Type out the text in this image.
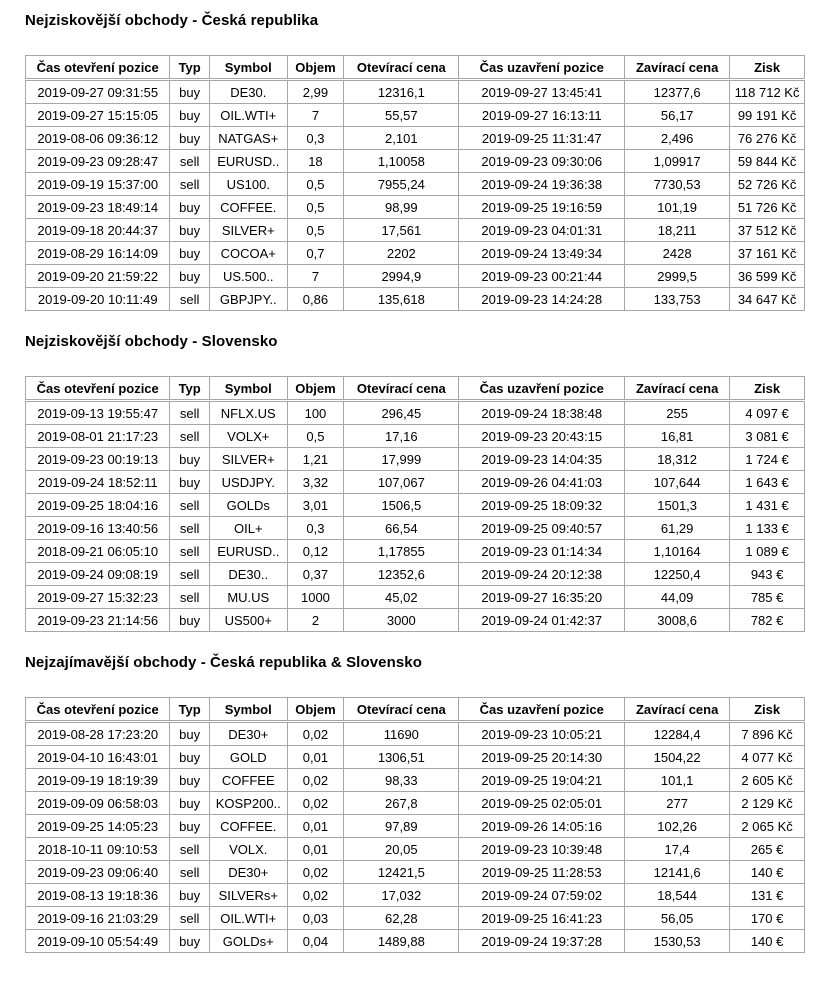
Nejziskovější obchody - Česká republika
Čas otevření pozice	Typ	Symbol	Objem	Otevírací cena	Čas uzavření pozice	Zavírací cena	Zisk
2019-09-27 09:31:55	buy	DE30.	2,99	12316,1	2019-09-27 13:45:41	12377,6	118 712 Kč
2019-09-27 15:15:05	buy	OIL.WTI+	7	55,57	2019-09-27 16:13:11	56,17	99 191 Kč
2019-08-06 09:36:12	buy	NATGAS+	0,3	2,101	2019-09-25 11:31:47	2,496	76 276 Kč
2019-09-23 09:28:47	sell	EURUSD..	18	1,10058	2019-09-23 09:30:06	1,09917	59 844 Kč
2019-09-19 15:37:00	sell	US100.	0,5	7955,24	2019-09-24 19:36:38	7730,53	52 726 Kč
2019-09-23 18:49:14	buy	COFFEE.	0,5	98,99	2019-09-25 19:16:59	101,19	51 726 Kč
2019-09-18 20:44:37	buy	SILVER+	0,5	17,561	2019-09-23 04:01:31	18,211	37 512 Kč
2019-08-29 16:14:09	buy	COCOA+	0,7	2202	2019-09-24 13:49:34	2428	37 161 Kč
2019-09-20 21:59:22	buy	US.500..	7	2994,9	2019-09-23 00:21:44	2999,5	36 599 Kč
2019-09-20 10:11:49	sell	GBPJPY..	0,86	135,618	2019-09-23 14:24:28	133,753	34 647 Kč
Nejziskovější obchody - Slovensko
Čas otevření pozice	Typ	Symbol	Objem	Otevírací cena	Čas uzavření pozice	Zavírací cena	Zisk
2019-09-13 19:55:47	sell	NFLX.US	100	296,45	2019-09-24 18:38:48	255	4 097 €
2019-08-01 21:17:23	sell	VOLX+	0,5	17,16	2019-09-23 20:43:15	16,81	3 081 €
2019-09-23 00:19:13	buy	SILVER+	1,21	17,999	2019-09-23 14:04:35	18,312	1 724 €
2019-09-24 18:52:11	buy	USDJPY.	3,32	107,067	2019-09-26 04:41:03	107,644	1 643 €
2019-09-25 18:04:16	sell	GOLDs	3,01	1506,5	2019-09-25 18:09:32	1501,3	1 431 €
2019-09-16 13:40:56	sell	OIL+	0,3	66,54	2019-09-25 09:40:57	61,29	1 133 €
2018-09-21 06:05:10	sell	EURUSD..	0,12	1,17855	2019-09-23 01:14:34	1,10164	1 089 €
2019-09-24 09:08:19	sell	DE30..	0,37	12352,6	2019-09-24 20:12:38	12250,4	943 €
2019-09-27 15:32:23	sell	MU.US	1000	45,02	2019-09-27 16:35:20	44,09	785 €
2019-09-23 21:14:56	buy	US500+	2	3000	2019-09-24 01:42:37	3008,6	782 €
Nejzajímavější obchody - Česká republika & Slovensko
Čas otevření pozice	Typ	Symbol	Objem	Otevírací cena	Čas uzavření pozice	Zavírací cena	Zisk
2019-08-28 17:23:20	buy	DE30+	0,02	11690	2019-09-23 10:05:21	12284,4	7 896 Kč
2019-04-10 16:43:01	buy	GOLD	0,01	1306,51	2019-09-25 20:14:30	1504,22	4 077 Kč
2019-09-19 18:19:39	buy	COFFEE	0,02	98,33	2019-09-25 19:04:21	101,1	2 605 Kč
2019-09-09 06:58:03	buy	KOSP200..	0,02	267,8	2019-09-25 02:05:01	277	2 129 Kč
2019-09-25 14:05:23	buy	COFFEE.	0,01	97,89	2019-09-26 14:05:16	102,26	2 065 Kč
2018-10-11 09:10:53	sell	VOLX.	0,01	20,05	2019-09-23 10:39:48	17,4	265 €
2019-09-23 09:06:40	sell	DE30+	0,02	12421,5	2019-09-25 11:28:53	12141,6	140 €
2019-08-13 19:18:36	buy	SILVERs+	0,02	17,032	2019-09-24 07:59:02	18,544	131 €
2019-09-16 21:03:29	sell	OIL.WTI+	0,03	62,28	2019-09-25 16:41:23	56,05	170 €
2019-09-10 05:54:49	buy	GOLDs+	0,04	1489,88	2019-09-24 19:37:28	1530,53	140 €
